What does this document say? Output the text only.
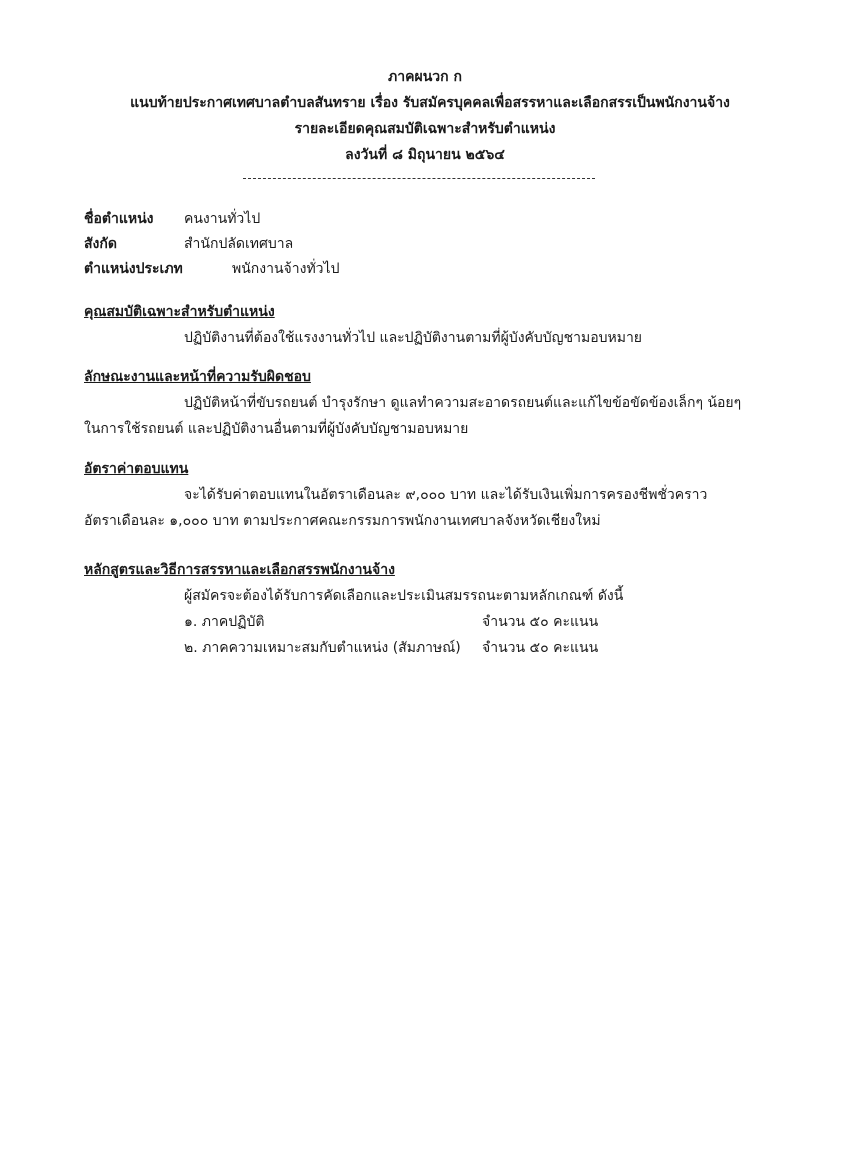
ภาคผนวก ก
แนบท้ายประกาศเทศบาลตำบลสันทราย เรื่อง รับสมัครบุคคลเพื่อสรรหาและเลือกสรรเป็นพนักงานจ้าง
รายละเอียดคุณสมบัติเฉพาะสำหรับตำแหน่ง
ลงวันที่ ๘ มิถุนายน ๒๕๖๔
ชื่อตำแหน่ง คนงานทั่วไป
สังกัด	สำนักปลัดเทศบาล
ตำแหน่งประเภท	พนักงานจ้างทั่วไป
คุณสมบัติเฉพาะสำหรับตำแหน่ง
ปฏิบัติงานที่ต้องใช้แรงงานทั่วไป และปฏิบัติงานตามที่ผู้บังคับบัญชามอบหมาย
ลักษณะงานและหน้าที่ความรับผิดชอบ
ปฏิบัติหน้าที่ขับรถยนต์ บำรุงรักษา ดูแลทำความสะอาดรถยนต์และแก้ไขข้อขัดข้องเล็กๆ น้อยๆ
ในการใช้รถยนต์ และปฏิบัติงานอื่นตามที่ผู้บังคับบัญชามอบหมาย
อัตราค่าตอบแทน
จะได้รับค่าตอบแทนในอัตราเดือนละ ๙,๐๐๐ บาท และได้รับเงินเพิ่มการครองชีพชั่วคราว
อัตราเดือนละ ๑,๐๐๐ บาท ตามประกาศคณะกรรมการพนักงานเทศบาลจังหวัดเชียงใหม่
หลักสูตรและวิธีการสรรหาและเลือกสรรพนักงานจ้าง
ผู้สมัครจะต้องได้รับการคัดเลือกและประเมินสมรรถนะตามหลักเกณฑ์ ดังนี้
๑. ภาคปฏิบัติ	จำนวน ๕๐ คะแนน
๒. ภาคความเหมาะสมกับตำแหน่ง (สัมภาษณ์) จำนวน ๕๐ คะแนน
